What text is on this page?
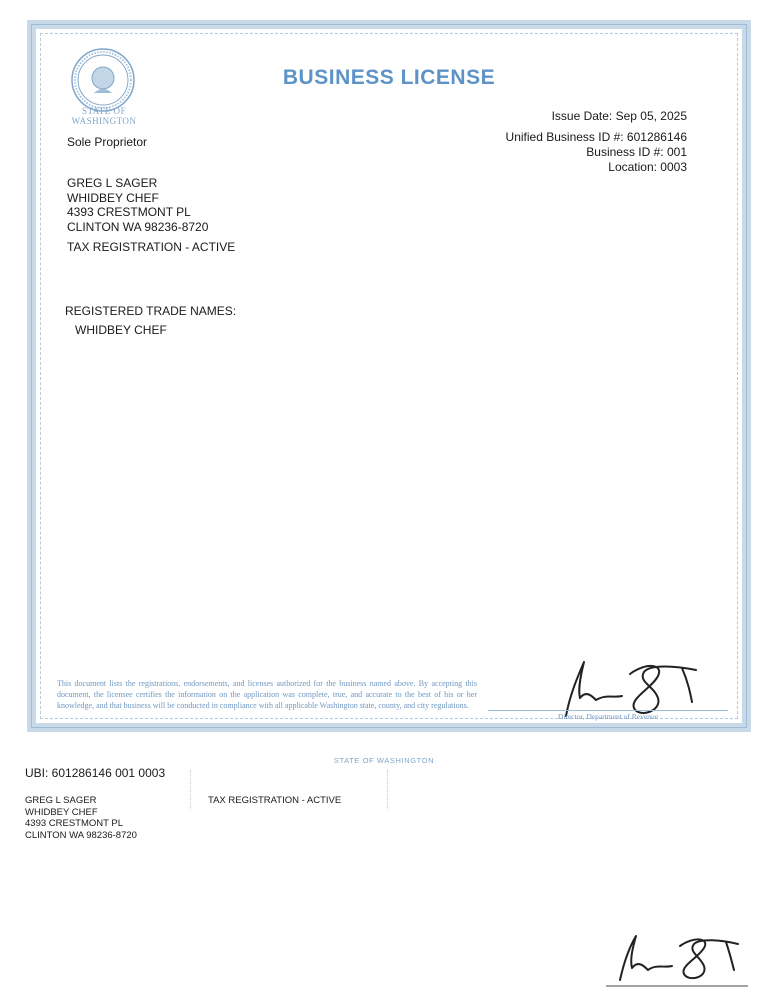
STATE OF
WASHINGTON
BUSINESS LICENSE
Issue Date: Sep 05, 2025
Unified Business ID #: 601286146
Business ID #: 001
Location: 0003
Sole Proprietor
GREG L SAGER
WHIDBEY CHEF
4393 CRESTMONT PL
CLINTON WA 98236-8720
TAX REGISTRATION - ACTIVE
REGISTERED TRADE NAMES:
WHIDBEY CHEF
This document lists the registrations, endorsements, and licenses authorized for the business named above. By accepting this document, the licensee certifies the information on the application was complete, true, and accurate to the best of his or her knowledge, and that business will be conducted in compliance with all applicable Washington state, county, and city regulations.
Director, Department of Revenue
STATE OF WASHINGTON
UBI: 601286146 001 0003
GREG L SAGER
WHIDBEY CHEF
4393 CRESTMONT PL
CLINTON WA 98236-8720
TAX REGISTRATION - ACTIVE
